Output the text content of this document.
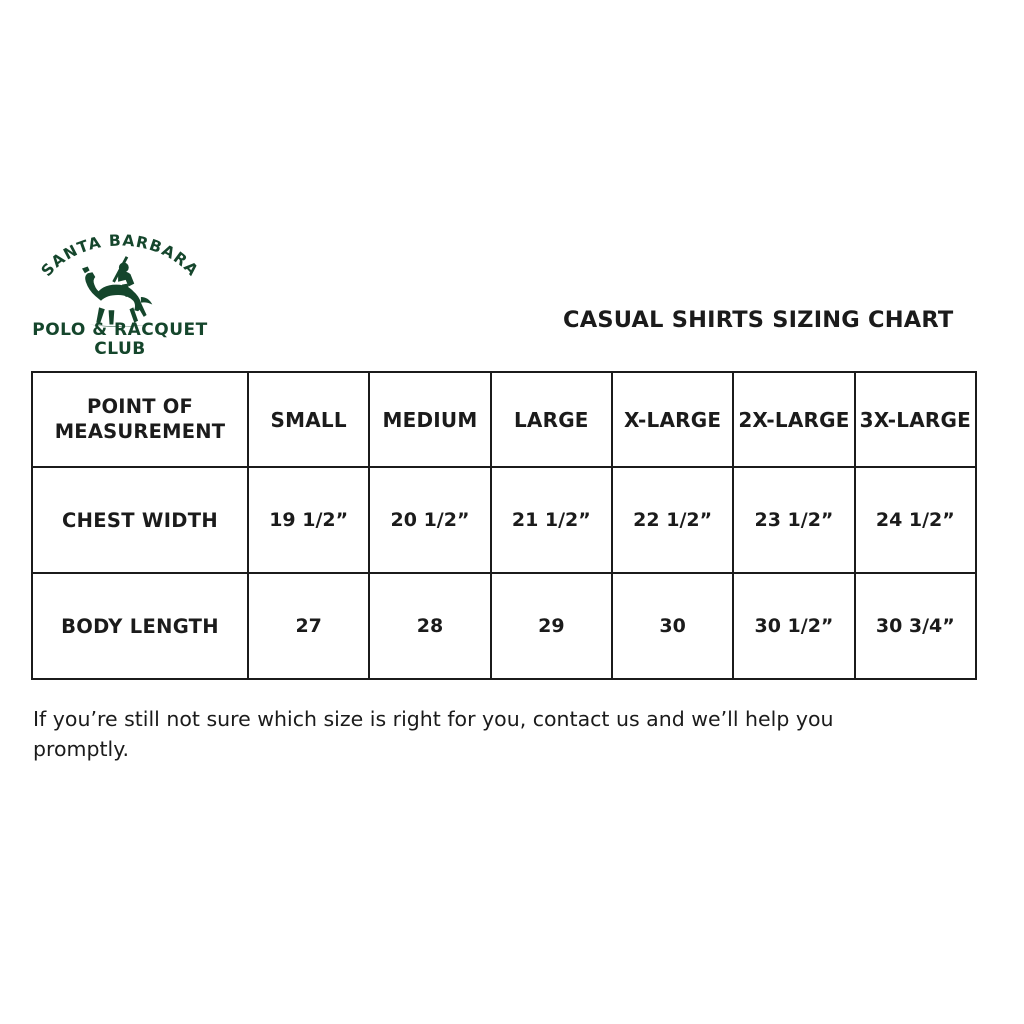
SANTA BARBARA
POLO & RACQUET
CLUB
CASUAL SHIRTS SIZING CHART
POINT OF MEASUREMENT	SMALL	MEDIUM	LARGE	X-LARGE	2X-LARGE	3X-LARGE
CHEST WIDTH	19 1/2”	20 1/2”	21 1/2”	22 1/2”	23 1/2”	24 1/2”
BODY LENGTH	27	28	29	30	30 1/2”	30 3/4”
If you’re still not sure which size is right for you, contact us and we’ll help you promptly.
